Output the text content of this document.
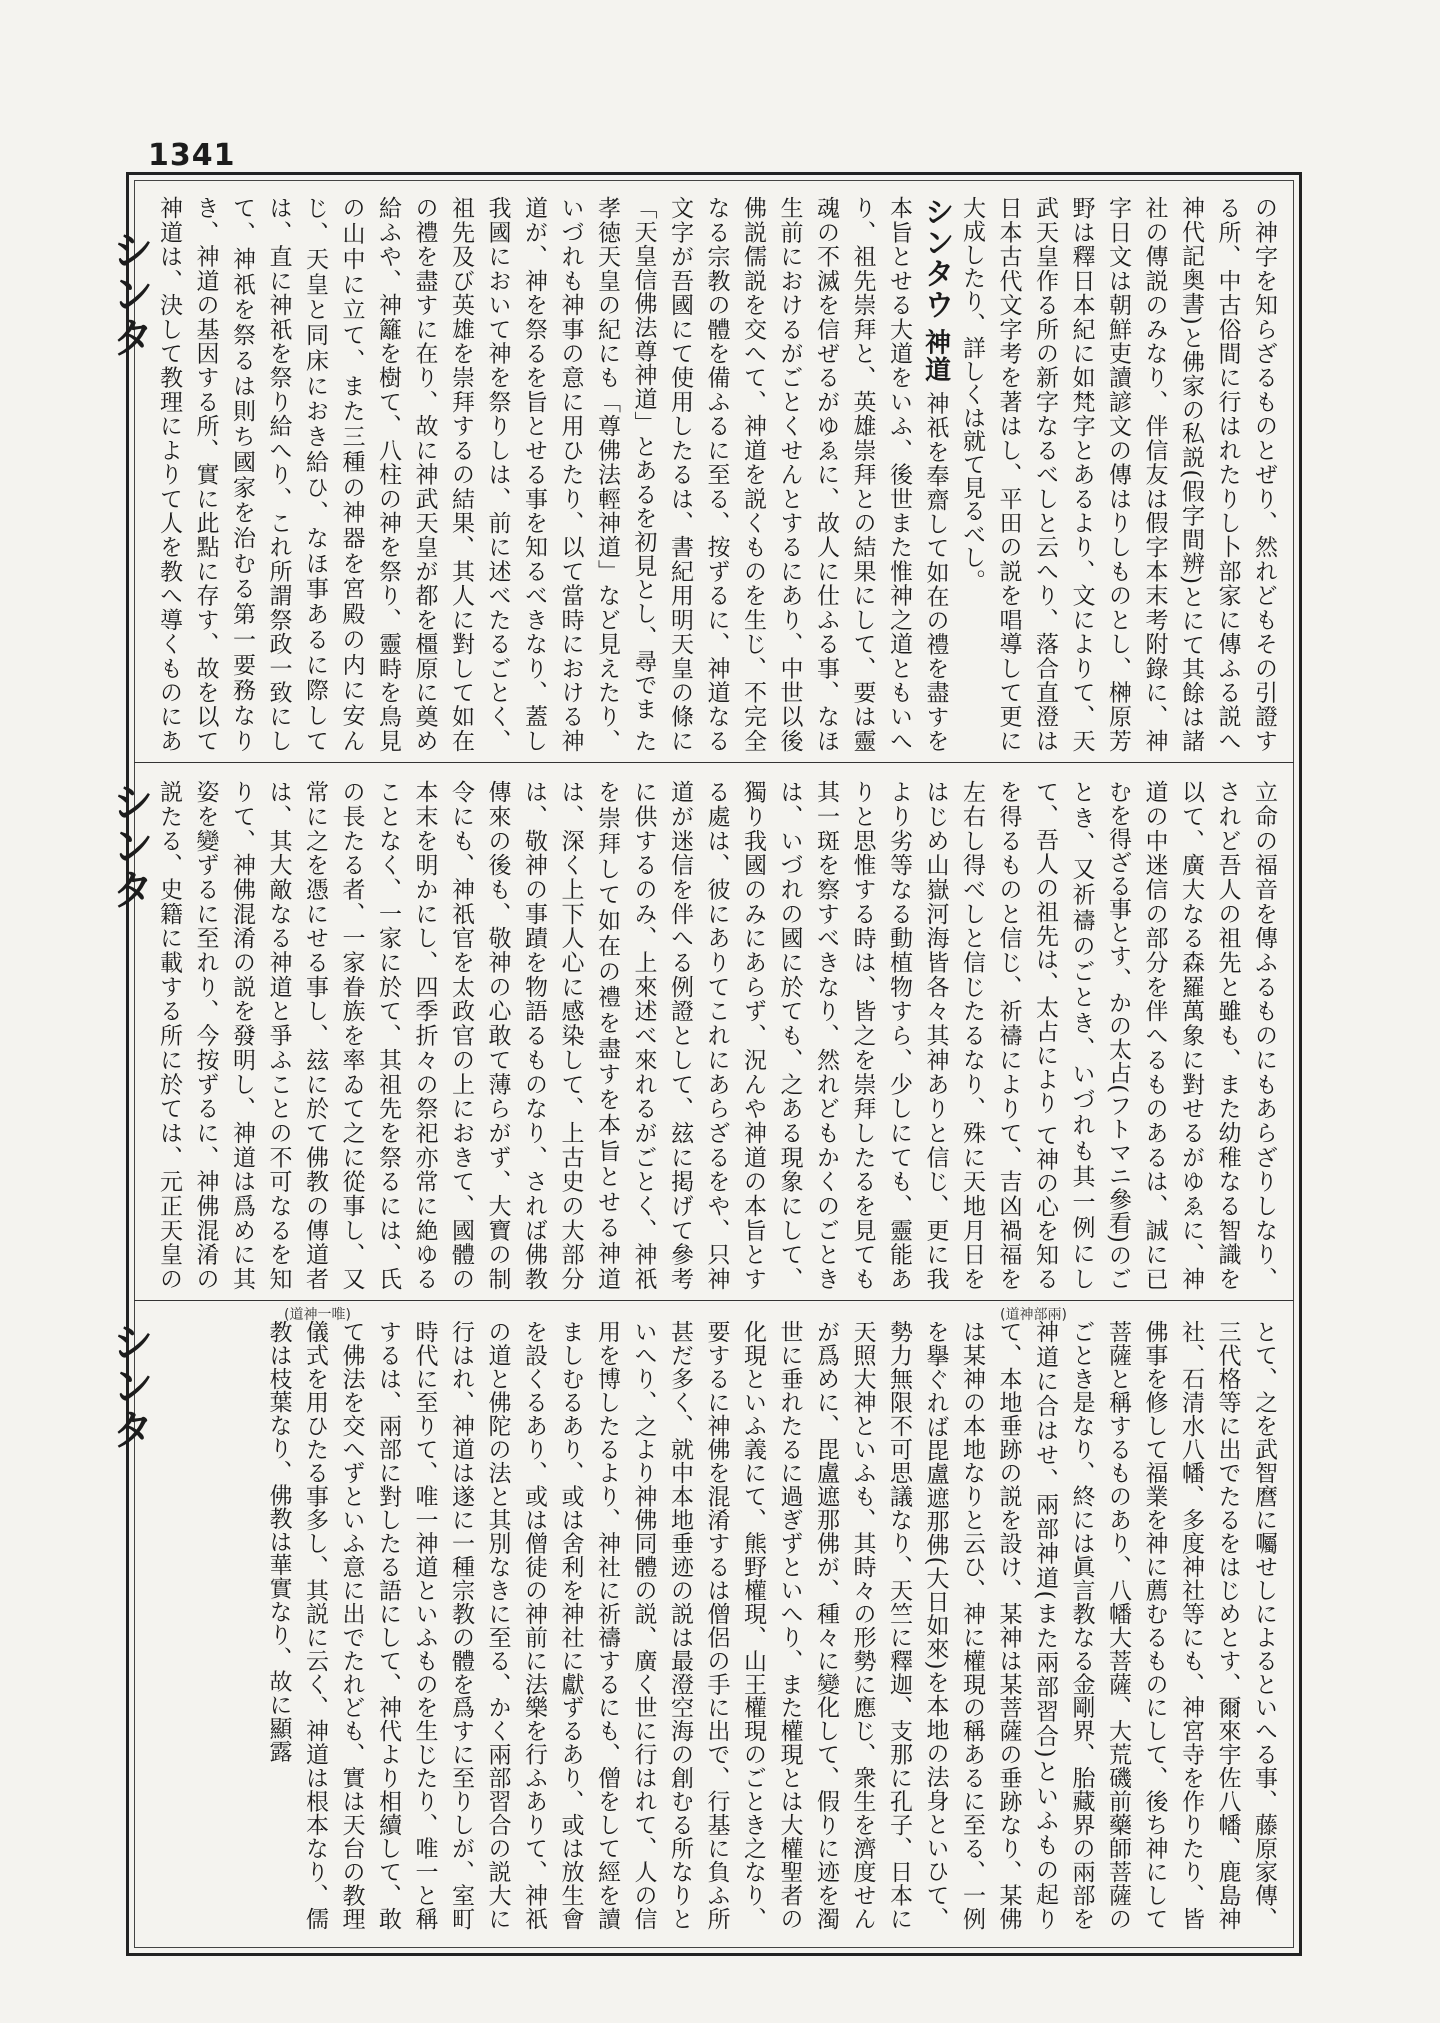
1341
シンタ
シンタ
シンタ

の神字を知らざるものとぜり、然れどもその引證する所、中古俗間に行はれたりし卜部家に傳ふる説へ神代記奥書)と佛家の私説(假字間辨)とにて其餘は諸社の傳説のみなり、伴信友は假字本末考附錄に、神字日文は朝鮮吏讀諺文の傳はりしものとし、榊原芳野は釋日本紀に如梵字とあるより、文によりて、天武天皇作る所の新字なるべしと云へり、落合直澄は日本古代文字考を著はし、平田の説を唱導して更に大成したり、詳しくは就て見るべし。

シンタウ 神道 神祇を奉齋して如在の禮を盡すを本旨とせる大道をいふ、後世また惟神之道ともいへり、祖先崇拜と、英雄崇拜との結果にして、要は靈魂の不滅を信ぜるがゆゑに、故人に仕ふる事、なほ生前におけるがごとくせんとするにあり、中世以後佛説儒説を交へて、神道を説くものを生じ、不完全なる宗教の體を備ふるに至る、按ずるに、神道なる文字が吾國にて使用したるは、書紀用明天皇の條に「天皇信佛法尊神道」とあるを初見とし、尋でま た孝徳天皇の紀にも「尊佛法輕神道」など見えたり、いづれも神事の意に用ひたり、以て當時における神道が、神を祭るを旨とせる事を知るべきなり、蓋し我國において神を祭りしは、前に述べたるごとく、祖先及び英雄を崇拜するの結果、其人に對して如在の禮を盡すに在り、故に神武天皇が都を橿原に奠め給ふや、神籬を樹て、八柱の神を祭り、靈畤を鳥見の山中に立て、また三種の神器を宮殿の内に安んじ、天皇と同床におき給ひ、なほ事あるに際しては、直に神祇を祭り給へり、これ所謂祭政一致にして、神祇を祭るは則ち國家を治むる第一要務なりき、神道の基因する所、實に此點に存す、故を以て神道は、決して教理によりて人を教へ導くものにあ

立命の福音を傳ふるものにもあらざりしなり、されど吾人の祖先と雖も、また幼稚なる智識を以て、廣大なる森羅萬象に對せるがゆゑに、神道の中迷信の部分を伴へるものあるは、誠に已むを得ざる事とす、かの太占(フトマニ參看)のごとき、又祈禱のごとき、いづれも其一例にして、吾人の祖先は、太占により て神の心を知るを得るものと信じ、祈禱によりて、吉凶禍福を左右し得べしと信じたるなり、殊に天地月日をはじめ山嶽河海皆各々其神ありと信じ、更に我より劣等なる動植物すら、少しにても、靈能ありと思惟する時は、皆之を崇拜したるを見ても其一斑を察すべきなり、然れどもかくのごときは、いづれの國に於ても、之ある現象にして、獨り我國のみにあらず、況んや神道の本旨とする處は、彼にありてこれにあらざるをや、只神道が迷信を伴へる例證として、玆に掲げて參考に供するのみ、上來述べ來れるがごとく、神祇を崇拜して如在の禮を盡すを本旨とせる神道は、深く上下人心に感染して、上古史の大部分は、敬神の事蹟を物語るものなり、されば佛教傳來の後も、敬神の心敢て薄らがず、大寶の制令にも、神祇官を太政官の上におきて、國體の本末を明かにし、四季折々の祭祀亦常に絶ゆることなく、一家に於て、其祖先を祭るには、氏の長たる者、一家眷族を率ゐて之に從事し、又常に之を憑にせる事し、玆に於て佛教の傳道者は、其大敵なる神道と爭ふことの不可なるを知りて、神佛混淆の説を發明し、神道は爲めに其姿を變ずるに至れり、今按ずるに、神佛混淆の説たる、史籍に載する所に於ては、元正天皇の

(道神部兩)
(道神一唯)

とて、之を武智麿に囑せしによるといへる事、藤原家傳、三代格等に出でたるをはじめとす、爾來宇佐八幡、鹿島神社、石清水八幡、多度神社等にも、神宮寺を作りたり、皆佛事を修して福業を神に薦むるものにして、後ち神にして菩薩と稱するものあり、八幡大菩薩、大荒磯前藥師菩薩のごとき是なり、終には眞言教なる金剛界、胎藏界の兩部を神道に合はせ、兩部神道(また兩部習合)といふもの起りて、本地垂跡の説を設け、某神は某菩薩の垂跡なり、某佛は某神の本地なりと云ひ、神に權現の稱あるに至る、一例を擧ぐれば毘盧遮那佛(大日如來)を本地の法身といひて、勢力無限不可思議なり、天竺に釋迦、支那に孔子、日本に天照大神といふも、其時々の形勢に應じ、衆生を濟度せんが爲めに、毘盧遮那佛が、種々に變化して、假りに迹を濁世に垂れたるに過ぎずといへり、また權現とは大權聖者の化現といふ義にて、熊野權現、山王權現のごとき之なり、要するに神佛を混淆するは僧侶の手に出で、行基に負ふ所甚だ多く、就中本地垂迹の説は最澄空海の創むる所なりといへり、之より神佛同體の説、廣く世に行はれて、人の信用を博したるより、神社に祈禱するにも、僧をして經を讀ましむるあり、或は舍利を神社に獻ずるあり、或は放生會を設くるあり、或は僧徒の神前に法樂を行ふありて、神祇の道と佛陀の法と其別なきに至る、かく兩部習合の説大に行はれ、神道は遂に一種宗教の體を爲すに至りしが、室町時代に至りて、唯一神道といふものを生じたり、唯一と稱するは、兩部に對したる語にして、神代より相續して、敢て佛法を交へずといふ意に出でたれども、實は天台の教理儀式を用ひたる事多し、其説に云く、神道は根本なり、儒教は枝葉なり、佛教は華實なり、故に顯露
